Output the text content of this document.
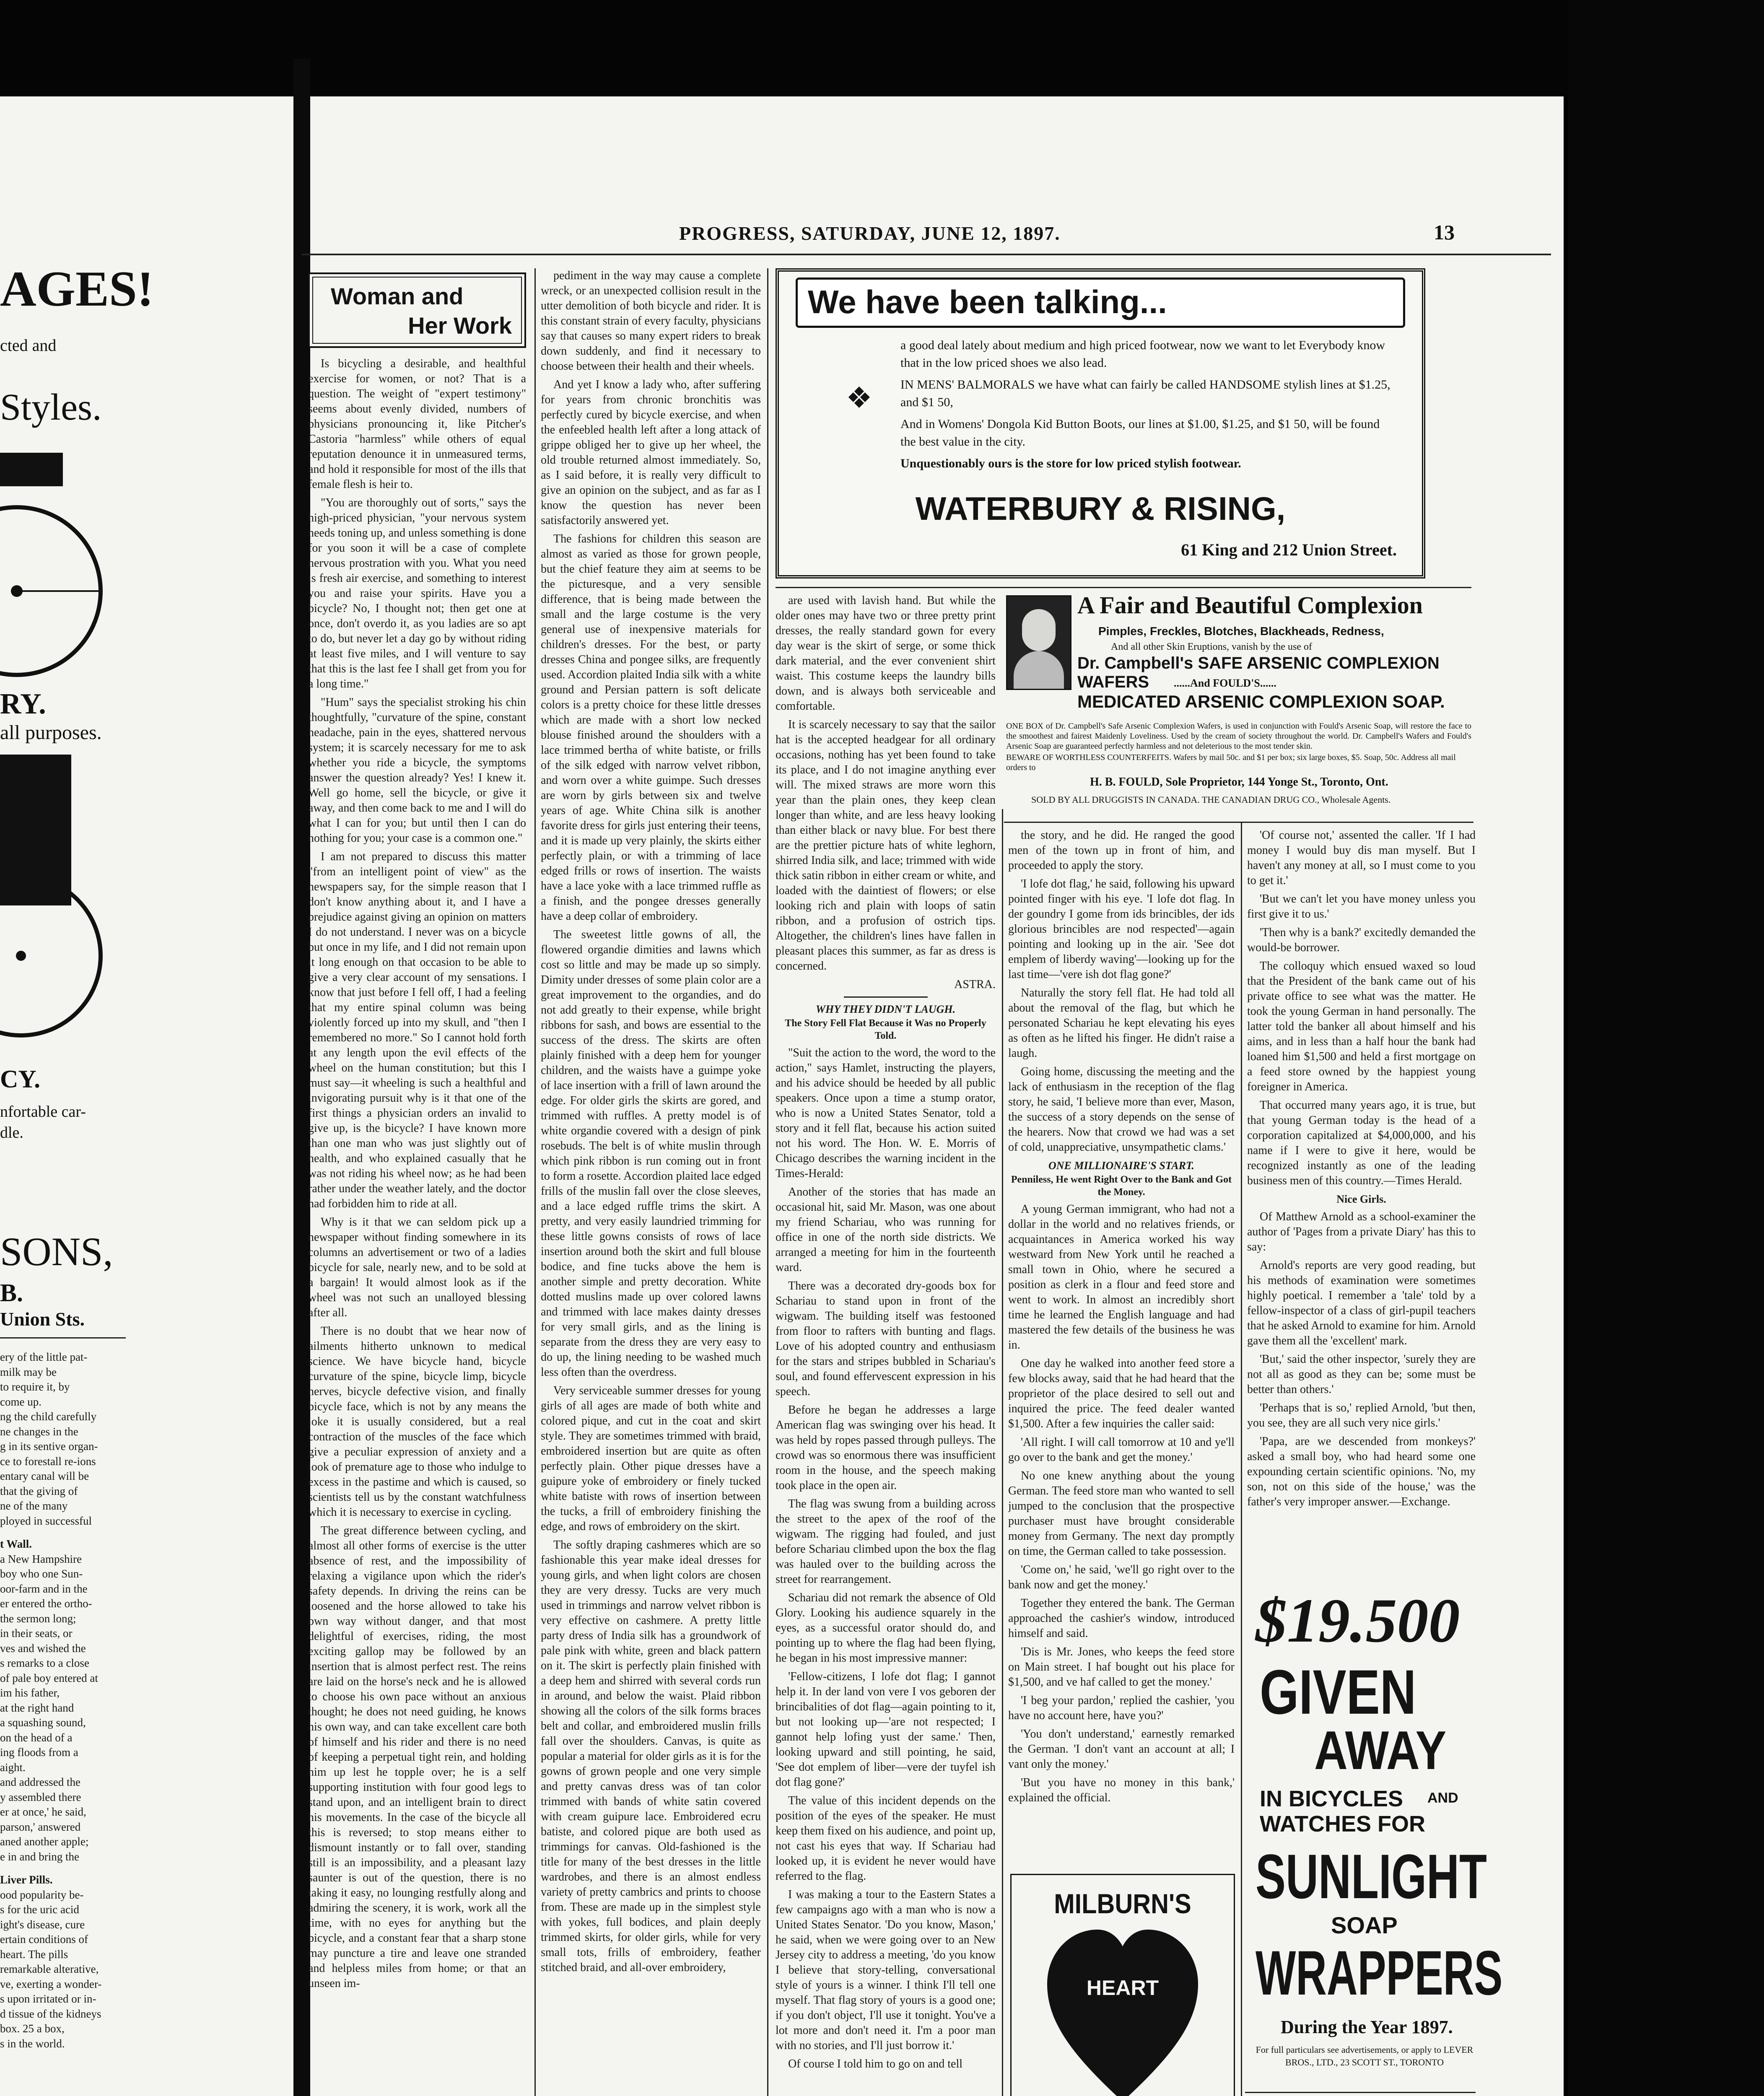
PROGRESS, SATURDAY, JUNE 12, 1897.	13
AGES!
cted and
Styles.
RY.
all purposes.
CY.
nfortable car-
dle.
SONS,
B.
Union Sts.
ery of the little pat-
milk may be
to require it, by
come up.
ng the child carefully
ne changes in the
g in its sentive organ-
ce to forestall re-ions
entary canal will be
that the giving of
ne of the many
ployed in successful
t Wall.
a New Hampshire
boy who one Sun-
oor-farm and in the
er entered the ortho-
the sermon long;
in their seats, or
ves and wished the
s remarks to a close
of pale boy entered at
im his father,
at the right hand
a squashing sound,
on the head of a
ing floods from a
aight.
and addressed the
y assembled there
er at once,' he said,
parson,' answered
aned another apple;
e in and bring the
Liver Pills.
ood popularity be-
s for the uric acid
ight's disease, cure
ertain conditions of
heart. The pills
remarkable alterative,
ve, exerting a wonder-
s upon irritated or in-
d tissue of the kidneys
box. 25 a box,
s in the world.
Woman and
Her Work

Is bicycling a desirable, and healthful exercise for women, or not? That is a question. The weight of "expert testimony" seems about evenly divided, numbers of physicians pronouncing it, like Pitcher's Castoria "harmless" while others of equal reputation denounce it in unmeasured terms, and hold it responsible for most of the ills that female flesh is heir to.

"You are thoroughly out of sorts," says the high-priced physician, "your nervous system needs toning up, and unless something is done for you soon it will be a case of complete nervous prostration with you. What you need is fresh air exercise, and something to interest you and raise your spirits. Have you a bicycle? No, I thought not; then get one at once, don't overdo it, as you ladies are so apt to do, but never let a day go by without riding at least five miles, and I will venture to say that this is the last fee I shall get from you for a long time."

"Hum" says the specialist stroking his chin thoughtfully, "curvature of the spine, constant headache, pain in the eyes, shattered nervous system; it is scarcely necessary for me to ask whether you ride a bicycle, the symptoms answer the question already? Yes! I knew it. Well go home, sell the bicycle, or give it away, and then come back to me and I will do what I can for you; but until then I can do nothing for you; your case is a common one."

I am not prepared to discuss this matter "from an intelligent point of view" as the newspapers say, for the simple reason that I don't know anything about it, and I have a prejudice against giving an opinion on matters I do not understand. I never was on a bicycle but once in my life, and I did not remain upon it long enough on that occasion to be able to give a very clear account of my sensations. I know that just before I fell off, I had a feeling that my entire spinal column was being violently forced up into my skull, and "then I remembered no more." So I cannot hold forth at any length upon the evil effects of the wheel on the human constitution; but this I must say—it wheeling is such a healthful and invigorating pursuit why is it that one of the first things a physician orders an invalid to give up, is the bicycle? I have known more than one man who was just slightly out of health, and who explained casually that he was not riding his wheel now; as he had been rather under the weather lately, and the doctor had forbidden him to ride at all.

Why is it that we can seldom pick up a newspaper without finding somewhere in its columns an advertisement or two of a ladies bicycle for sale, nearly new, and to be sold at a bargain! It would almost look as if the wheel was not such an unalloyed blessing after all.

There is no doubt that we hear now of ailments hitherto unknown to medical science. We have bicycle hand, bicycle curvature of the spine, bicycle limp, bicycle nerves, bicycle defective vision, and finally bicycle face, which is not by any means the joke it is usually considered, but a real contraction of the muscles of the face which give a peculiar expression of anxiety and a look of premature age to those who indulge to excess in the pastime and which is caused, so scientists tell us by the constant watchfulness which it is necessary to exercise in cycling.

The great difference between cycling, and almost all other forms of exercise is the utter absence of rest, and the impossibility of relaxing a vigilance upon which the rider's safety depends. In driving the reins can be loosened and the horse allowed to take his own way without danger, and that most delightful of exercises, riding, the most exciting gallop may be followed by an insertion that is almost perfect rest. The reins are laid on the horse's neck and he is allowed to choose his own pace without an anxious thought; he does not need guiding, he knows his own way, and can take excellent care both of himself and his rider and there is no need of keeping a perpetual tight rein, and holding him up lest he topple over; he is a self supporting institution with four good legs to stand upon, and an intelligent brain to direct his movements. In the case of the bicycle all this is reversed; to stop means either to dismount instantly or to fall over, standing still is an impossibility, and a pleasant lazy saunter is out of the question, there is no taking it easy, no lounging restfully along and admiring the scenery, it is work, work all the time, with no eyes for anything but the bicycle, and a constant fear that a sharp stone may puncture a tire and leave one stranded and helpless miles from home; or that an unseen im-

pediment in the way may cause a complete wreck, or an unexpected collision result in the utter demolition of both bicycle and rider. It is this constant strain of every faculty, physicians say that causes so many expert riders to break down suddenly, and find it necessary to choose between their health and their wheels.

And yet I know a lady who, after suffering for years from chronic bronchitis was perfectly cured by bicycle exercise, and when the enfeebled health left after a long attack of grippe obliged her to give up her wheel, the old trouble returned almost immediately. So, as I said before, it is really very difficult to give an opinion on the subject, and as far as I know the question has never been satisfactorily answered yet.

The fashions for children this season are almost as varied as those for grown people, but the chief feature they aim at seems to be the picturesque, and a very sensible difference, that is being made between the small and the large costume is the very general use of inexpensive materials for children's dresses. For the best, or party dresses China and pongee silks, are frequently used. Accordion plaited India silk with a white ground and Persian pattern is soft delicate colors is a pretty choice for these little dresses which are made with a short low necked blouse finished around the shoulders with a lace trimmed bertha of white batiste, or frills of the silk edged with narrow velvet ribbon, and worn over a white guimpe. Such dresses are worn by girls between six and twelve years of age. White China silk is another favorite dress for girls just entering their teens, and it is made up very plainly, the skirts either perfectly plain, or with a trimming of lace edged frills or rows of insertion. The waists have a lace yoke with a lace trimmed ruffle as a finish, and the pongee dresses generally have a deep collar of embroidery.

The sweetest little gowns of all, the flowered organdie dimities and lawns which cost so little and may be made up so simply. Dimity under dresses of some plain color are a great improvement to the organdies, and do not add greatly to their expense, while bright ribbons for sash, and bows are essential to the success of the dress. The skirts are often plainly finished with a deep hem for younger children, and the waists have a guimpe yoke of lace insertion with a frill of lawn around the edge. For older girls the skirts are gored, and trimmed with ruffles. A pretty model is of white organdie covered with a design of pink rosebuds. The belt is of white muslin through which pink ribbon is run coming out in front to form a rosette. Accordion plaited lace edged frills of the muslin fall over the close sleeves, and a lace edged ruffle trims the skirt. A pretty, and very easily laundried trimming for these little gowns consists of rows of lace insertion around both the skirt and full blouse bodice, and fine tucks above the hem is another simple and pretty decoration. White dotted muslins made up over colored lawns and trimmed with lace makes dainty dresses for very small girls, and as the lining is separate from the dress they are very easy to do up, the lining needing to be washed much less often than the overdress.

Very serviceable summer dresses for young girls of all ages are made of both white and colored pique, and cut in the coat and skirt style. They are sometimes trimmed with braid, embroidered insertion but are quite as often perfectly plain. Other pique dresses have a guipure yoke of embroidery or finely tucked white batiste with rows of insertion between the tucks, a frill of embroidery finishing the edge, and rows of embroidery on the skirt.

The softly draping cashmeres which are so fashionable this year make ideal dresses for young girls, and when light colors are chosen they are very dressy. Tucks are very much used in trimmings and narrow velvet ribbon is very effective on cashmere. A pretty little party dress of India silk has a groundwork of pale pink with white, green and black pattern on it. The skirt is perfectly plain finished with a deep hem and shirred with several cords run in around, and below the waist. Plaid ribbon showing all the colors of the silk forms braces belt and collar, and embroidered muslin frills fall over the shoulders. Canvas, is quite as popular a material for older girls as it is for the gowns of grown people and one very simple and pretty canvas dress was of tan color trimmed with bands of white satin covered with cream guipure lace. Embroidered ecru batiste, and colored pique are both used as trimmings for canvas. Old-fashioned is the title for many of the best dresses in the little wardrobes, and there is an almost endless variety of pretty cambrics and prints to choose from. These are made up in the simplest style with yokes, full bodices, and plain deeply trimmed skirts, for older girls, while for very small tots, frills of embroidery, feather stitched braid, and all-over embroidery,

We have been talking...
❖
a good deal lately about medium and high priced footwear, now we want to let Everybody know that in the low priced shoes we also lead.
IN MENS' BALMORALS we have what can fairly be called HANDSOME stylish lines at $1.25, and $1 50,
And in Womens' Dongola Kid Button Boots, our lines at $1.00, $1.25, and $1 50, will be found the best value in the city.
Unquestionably ours is the store for low priced stylish footwear.
WATERBURY & RISING,
61 King and 212 Union Street.
A Fair and Beautiful Complexion
Pimples, Freckles, Blotches, Blackheads, Redness,
And all other Skin Eruptions, vanish by the use of
Dr. Campbell's SAFE ARSENIC COMPLEXION WAFERS	......And FOULD'S......
MEDICATED ARSENIC COMPLEXION SOAP.
ONE BOX of Dr. Campbell's Safe Arsenic Complexion Wafers, is used in conjunction with Fould's Arsenic Soap, will restore the face to the smoothest and fairest Maidenly Loveliness. Used by the cream of society throughout the world. Dr. Campbell's Wafers and Fould's Arsenic Soap are guaranteed perfectly harmless and not deleterious to the most tender skin.
BEWARE OF WORTHLESS COUNTERFEITS. Wafers by mail 50c. and $1 per box; six large boxes, $5. Soap, 50c. Address all mail orders to
H. B. FOULD, Sole Proprietor, 144 Yonge St., Toronto, Ont.
SOLD BY ALL DRUGGISTS IN CANADA. THE CANADIAN DRUG CO., Wholesale Agents.

are used with lavish hand. But while the older ones may have two or three pretty print dresses, the really standard gown for every day wear is the skirt of serge, or some thick dark material, and the ever convenient shirt waist. This costume keeps the laundry bills down, and is always both serviceable and comfortable.

It is scarcely necessary to say that the sailor hat is the accepted headgear for all ordinary occasions, nothing has yet been found to take its place, and I do not imagine anything ever will. The mixed straws are more worn this year than the plain ones, they keep clean longer than white, and are less heavy looking than either black or navy blue. For best there are the prettier picture hats of white leghorn, shirred India silk, and lace; trimmed with wide thick satin ribbon in either cream or white, and loaded with the daintiest of flowers; or else looking rich and plain with loops of satin ribbon, and a profusion of ostrich tips. Altogether, the children's lines have fallen in pleasant places this summer, as far as dress is concerned.

ASTRA.
WHY THEY DIDN'T LAUGH.
The Story Fell Flat Because it Was no Properly Told.

"Suit the action to the word, the word to the action," says Hamlet, instructing the players, and his advice should be heeded by all public speakers. Once upon a time a stump orator, who is now a United States Senator, told a story and it fell flat, because his action suited not his word. The Hon. W. E. Morris of Chicago describes the warning incident in the Times-Herald:

Another of the stories that has made an occasional hit, said Mr. Mason, was one about my friend Schariau, who was running for office in one of the north side districts. We arranged a meeting for him in the fourteenth ward.

There was a decorated dry-goods box for Schariau to stand upon in front of the wigwam. The building itself was festooned from floor to rafters with bunting and flags. Love of his adopted country and enthusiasm for the stars and stripes bubbled in Schariau's soul, and found effervescent expression in his speech.

Before he began he addresses a large American flag was swinging over his head. It was held by ropes passed through pulleys. The crowd was so enormous there was insufficient room in the house, and the speech making took place in the open air.

The flag was swung from a building across the street to the apex of the roof of the wigwam. The rigging had fouled, and just before Schariau climbed upon the box the flag was hauled over to the building across the street for rearrangement.

Schariau did not remark the absence of Old Glory. Looking his audience squarely in the eyes, as a successful orator should do, and pointing up to where the flag had been flying, he began in his most impressive manner:

'Fellow-citizens, I lofe dot flag; I gannot help it. In der land von vere I vos geboren der brincibalities of dot flag—again pointing to it, but not looking up—'are not respected; I gannot help lofing yust der same.' Then, looking upward and still pointing, he said, 'See dot emplem of liber—vere der tuyfel ish dot flag gone?'

The value of this incident depends on the position of the eyes of the speaker. He must keep them fixed on his audience, and point up, not cast his eyes that way. If Schariau had looked up, it is evident he never would have referred to the flag.

I was making a tour to the Eastern States a few campaigns ago with a man who is now a United States Senator. 'Do you know, Mason,' he said, when we were going over to an New Jersey city to address a meeting, 'do you know I believe that story-telling, conversational style of yours is a winner. I think I'll tell one myself. That flag story of yours is a good one; if you don't object, I'll use it tonight. You've a lot more and don't need it. I'm a poor man with no stories, and I'll just borrow it.'

Of course I told him to go on and tell

the story, and he did. He ranged the good men of the town up in front of him, and proceeded to apply the story.

'I lofe dot flag,' he said, following his upward pointed finger with his eye. 'I lofe dot flag. In der goundry I gome from ids brincibles, der ids glorious brincibles are nod respected'—again pointing and looking up in the air. 'See dot emplem of liberdy waving'—looking up for the last time—'vere ish dot flag gone?'

Naturally the story fell flat. He had told all about the removal of the flag, but which he personated Schariau he kept elevating his eyes as often as he lifted his finger. He didn't raise a laugh.

Going home, discussing the meeting and the lack of enthusiasm in the reception of the flag story, he said, 'I believe more than ever, Mason, the success of a story depends on the sense of the hearers. Now that crowd we had was a set of cold, unappreciative, unsympathetic clams.'

ONE MILLIONAIRE'S START.
Penniless, He went Right Over to the Bank and Got the Money.

A young German immigrant, who had not a dollar in the world and no relatives friends, or acquaintances in America worked his way westward from New York until he reached a small town in Ohio, where he secured a position as clerk in a flour and feed store and went to work. In almost an incredibly short time he learned the English language and had mastered the few details of the business he was in.

One day he walked into another feed store a few blocks away, said that he had heard that the proprietor of the place desired to sell out and inquired the price. The feed dealer wanted $1,500. After a few inquiries the caller said:

'All right. I will call tomorrow at 10 and ye'll go over to the bank and get the money.'

No one knew anything about the young German. The feed store man who wanted to sell jumped to the conclusion that the prospective purchaser must have brought considerable money from Germany. The next day promptly on time, the German called to take possession.

'Come on,' he said, 'we'll go right over to the bank now and get the money.'

Together they entered the bank. The German approached the cashier's window, introduced himself and said.

'Dis is Mr. Jones, who keeps the feed store on Main street. I haf bought out his place for $1,500, and ve haf called to get the money.'

'I beg your pardon,' replied the cashier, 'you have no account here, have you?'

'You don't understand,' earnestly remarked the German. 'I don't vant an account at all; I vant only the money.'

'But you have no money in this bank,' explained the official.

MILBURN'S
HEART

'Of course not,' assented the caller. 'If I had money I would buy dis man myself. But I haven't any money at all, so I must come to you to get it.'

'But we can't let you have money unless you first give it to us.'

'Then why is a bank?' excitedly demanded the would-be borrower.

The colloquy which ensued waxed so loud that the President of the bank came out of his private office to see what was the matter. He took the young German in hand personally. The latter told the banker all about himself and his aims, and in less than a half hour the bank had loaned him $1,500 and held a first mortgage on a feed store owned by the happiest young foreigner in America.

That occurred many years ago, it is true, but that young German today is the head of a corporation capitalized at $4,000,000, and his name if I were to give it here, would be recognized instantly as one of the leading business men of this country.—Times Herald.

Nice Girls.

Of Matthew Arnold as a school-examiner the author of 'Pages from a private Diary' has this to say:

Arnold's reports are very good reading, but his methods of examination were sometimes highly poetical. I remember a 'tale' told by a fellow-inspector of a class of girl-pupil teachers that he asked Arnold to examine for him. Arnold gave them all the 'excellent' mark.

'But,' said the other inspector, 'surely they are not all as good as they can be; some must be better than others.'

'Perhaps that is so,' replied Arnold, 'but then, you see, they are all such very nice girls.'

'Papa, are we descended from monkeys?' asked a small boy, who had heard some one expounding certain scientific opinions. 'No, my son, not on this side of the house,' was the father's very improper answer.—Exchange.

$19.500
GIVEN
AWAY
IN BICYCLES AND
WATCHES FOR
SUNLIGHT
SOAP
WRAPPERS
During the Year 1897.
For full particulars see advertisements, or apply to LEVER BROS., LTD., 23 SCOTT ST., TORONTO
